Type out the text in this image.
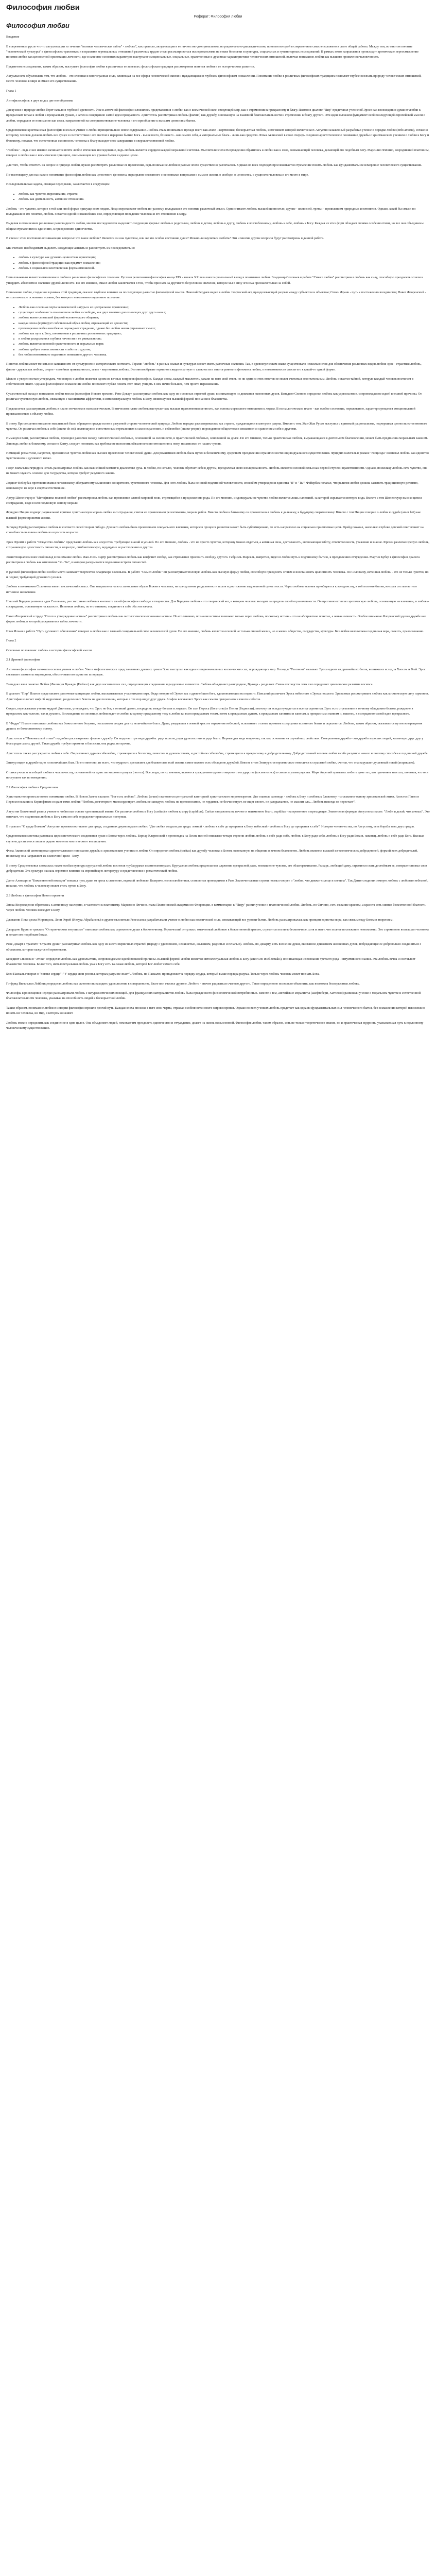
Философия любви
Реферат: Философия любви
Философия любви

Введение

В современном русле что-то актуализации из течения "великая человеческая тайна" - любовь", как правило, актуализация в ее личностно-доктринальном, но рационально-диалектическом, понятии которой в современном смысле изложено в свете общей работы. Между тем, во многом понятие "человеческой культуры" в философских трактовках и в практике вертикальных отношений различных трудов стали рассматриваться исследователями на стыке биологии и культуры, социальных и гуманитарных исследований. В рамках этого направления происходит критическое переосмысление понятия любви как ценностной ориентации личности, где в качестве основных параметров выступают эмоциональные, социальные, нравственные и духовные характеристики человеческих отношений, включая понимание любви как высшего проявления человечности.

Предметом исследования, таким образом, выступает философия любви в различных ее аспектах: философская традиция рассмотрения понятия любви в ее историческом развитии.

Актуальность обусловлена тем, что любовь - это сложная и многогранная сила, влияющая на все сферы человеческой жизни и нуждающаяся в глубоком философском осмыслении. Понимание любви в различных философских традициях позволяет глубже осознать природу человеческих отношений, место человека в мире и смысл его существования.

Глава 1

Антифилософия: в двух видах две его обратимы

Дискуссия о природе любви берет начало в глубокой древности. Уже в античной философии сложились представления о любви как о космической силе, связующей мир, как о стремлении к прекрасному и благу. Платон в диалоге "Пир" представил учение об Эросе как восхождении души от любви к прекрасным телам к любви к прекрасным душам, а затем к созерцанию самой идеи прекрасного. Аристотель рассматривал любовь (филию) как дружбу, основанную на взаимной благожелательности и стремлении к благу другого. Эти идеи заложили фундамент всей последующей европейской мысли о любви, определив ее понимание как силы, направленной на совершенствование человека и его приобщение к высшим ценностям бытия.

Средневековая христианская философия внесла в учение о любви принципиально новое содержание. Любовь стала пониматься прежде всего как агапе - жертвенная, бескорыстная любовь, источником которой является Бог. Августин Блаженный разработал учение о порядке любви (ordo amoris), согласно которому человек должен любить все сущее в соответствии с его местом в иерархии бытия: Бога - выше всего, ближнего - как самого себя, а материальные блага - лишь как средство. Фома Аквинский в свою очередь соединил аристотелевское понимание дружбы с христианским учением о любви к Богу и ближнему, показав, что естественная склонность человека к благу находит свое завершение в сверхъестественной любви.

"Любовь" - ведь с нее именно начинается почти любое этическое исследование, ведь любовь является сердцем каждой моральной системы. Мыслители эпохи Возрождения обратились к любви как к силе, возвышающей человека, делающей его подобным Богу. Марсилио Фичино, возродивший платонизм, говорил о любви как о космическом принципе, связывающем все уровни бытия в единое целое.

Для того, чтобы ответить на вопрос о природе любви, нужно рассмотреть различные ее проявления, ведь понимание любви в разные эпохи существенно различалось. Однако во всех подходах прослеживается стремление понять любовь как фундаментальное измерение человеческого существования.

По-настоящему для нас важно понимание философии любви как целостного феномена, неразрывно связанного с основными вопросами о смысле жизни, о свободе, о ценностях, о сущности человека и его месте в мире.

Исследовательская задача, стоящая перед нами, заключается в следующем:

• любовь как чувство, переживание, страсть;
• любовь как деятельность, активное отношение.

Любовь - это чувство, которое в той или иной форме присуще всем людям. Люди переживают любовь по-разному, вкладывая в это понятие различный смысл. Одни считают любовь высшей ценностью, другие - иллюзией, третьи - проявлением природных инстинктов. Однако, какой бы смысл ни вкладывали в это понятие, любовь остается одной из важнейших сил, определяющих поведение человека и его отношение к миру.

Выделяя в отношениях различные разновидности любви, многие исследователи выделяют следующие формы: любовь к родителям, любовь к детям, любовь к другу, любовь к возлюбленному, любовь к себе, любовь к Богу. Каждая из этих форм обладает своими особенностями, но все они объединены общим стремлением к единению, к преодолению одиночества.

В связи с этим постоянно возникающие вопросы: что такое любовь? Является ли она чувством, или же это особое состояние души? Можно ли научиться любить? Эти и многие другие вопросы будут рассмотрены в данной работе.

Мы считаем необходимым выделить следующие аспекты и рассмотреть их последовательно:

• любовь в культуре как духовно-ценностная ориентация;
• любовь в философской традиции как предмет осмысления;
• любовь в социальном контексте как форма отношений.

Немаловажным является отношение к любви в различных философских течениях. Русская религиозная философия конца XIX - начала XX века внесла уникальный вклад в понимание любви. Владимир Соловьев в работе "Смысл любви" рассматривал любовь как силу, способную преодолеть эгоизм и утвердить абсолютное значение другой личности. По его мнению, смысл любви заключается в том, чтобы признать за другим то безусловное значение, которое мы в силу эгоизма признаем только за собой.

Понимание любви, созданное в рамках этой традиции, оказало глубокое влияние на последующее развитие философской мысли. Николай Бердяев видел в любви творческий акт, преодолевающий разрыв между субъектом и объектом; Семен Франк - путь к постижению всеединства; Павел Флоренский - онтологическое основание истины, без которого невозможно подлинное познание.

• Любовь как основная черта человеческой натуры и ее центральное проявление;
• существует особенность взаимосвязи любви и свободы, как двух взаимно дополняющих друг друга начал;
• любовь является высшей формой человеческого общения;
• каждая эпоха формирует собственный образ любви, отражающий ее ценности;
• противоречия любви неизбежно порождают страдание, однако без любви жизнь утрачивает смысл;
• любовь как путь к Богу, понимаемая в различных религиозных традициях;
• в любви раскрывается глубина личности и ее уникальность;
• любовь является основой нравственности и моральных норм;
• любовь требует ответственности и заботы о другом;
• без любви невозможно подлинное понимание другого человека.

Понятие любви может меняться в зависимости от культурного и исторического контекста. Термин "любовь" в разных языках и культурах может иметь различные значения. Так, в древнегреческом языке существовало несколько слов для обозначения различных видов любви: эрос - страстная любовь, филия - дружеская любовь, сторге - семейная привязанность, агапе - жертвенная любовь. Это многообразие терминов свидетельствует о сложности и многогранности феномена любви, о невозможности свести его к какой-то одной форме.

Можно с уверенностью утверждать, что вопрос о любви является одним из вечных вопросов философии. Каждая эпоха, каждый мыслитель давали на него свой ответ, но ни один из этих ответов не может считаться окончательным. Любовь остается тайной, которую каждый человек постигает в собственном опыте. Однако философское осмысление любви позволяет глубже понять этот опыт, увидеть в нем нечто большее, чем просто переживание.

Существенный вклад в понимание любви внесла философия Нового времени. Рене Декарт рассматривал любовь как одну из основных страстей души, возникающую из движения жизненных духов. Бенедикт Спиноза определял любовь как удовольствие, сопровождаемое идеей внешней причины. Он различал чувственную любовь, связанную с пассивными аффектами, и интеллектуальную любовь к Богу, являющуюся высшей формой познания и блаженства.

Предлагается рассматривать любовь в плане этическом и психологическом. В этическом плане любовь выступает как высшая нравственная ценность, как основа морального отношения к людям. В психологическом плане - как особое состояние, переживание, характеризующееся эмоциональной привязанностью к объекту любви.

В эпоху Просвещения внимание мыслителей было обращено прежде всего к разумной стороне человеческой природы. Любовь нередко рассматривалась как страсть, нуждающаяся в контроле разума. Вместе с тем, Жан-Жак Руссо выступил с критикой рационализма, подчеркивая ценность естественного чувства. Он различал любовь к себе (amour de soi), являющуюся естественным стремлением к самосохранению, и себялюбие (amour-propre), порожденное обществом и связанное со сравнением себя с другими.

Иммануил Кант, рассматривая любовь, проводил различие между патологической любовью, основанной на склонности, и практической любовью, основанной на долге. По его мнению, только практическая любовь, выражающаяся в деятельном благоволении, может быть предписана моральным законом. Заповедь любви к ближнему, согласно Канту, следует понимать как требование исполнять обязанности по отношению к нему, независимо от наших чувств.

Немецкий романтизм, напротив, превозносил чувство любви как высшее проявление человеческой души. Для романтиков любовь была путем к бесконечному, средством преодоления ограниченности индивидуального существования. Фридрих Шлегель в романе "Люцинда" воспевал любовь как единство чувственного и духовного начал.

Георг Вильгельм Фридрих Гегель рассматривал любовь как важнейший момент в диалектике духа. В любви, по Гегелю, человек обретает себя в другом, преодолевая свою изолированность. Любовь является основой семьи как первой ступени нравственности. Однако, поскольку любовь есть чувство, она не может служить основой для государства, которое требует разумного закона.

Людвиг Фейербах противопоставил гегелевскому абстрактному мышлению конкретного, чувственного человека. Для него любовь была основой подлинной человечности, способом утверждения единства "Я" и "Ты". Фейербах полагал, что религия любви должна заменить традиционную религию, основанную на вере в сверхъестественное.

Артур Шопенгауэр в "Метафизике половой любви" рассматривал любовь как проявление слепой мировой воли, стремящейся к продолжению рода. По его мнению, индивидуальное чувство любви является лишь иллюзией, за которой скрывается интерес вида. Вместе с тем Шопенгауэр высоко ценил сострадание, видя в нем подлинную основу морали.

Фридрих Ницше подверг радикальной критике христианскую мораль любви и сострадания, считая ее проявлением ресентимента, морали рабов. Вместо любви к ближнему он провозглашал любовь к дальнему, к будущему сверхчеловеку. Вместе с тем Ницше говорил о любви к судьбе (amor fati) как высшей форме принятия жизни.

Зигмунд Фрейд рассматривал любовь в контексте своей теории либидо. Для него любовь была проявлением сексуального влечения, которое в процессе развития может быть сублимировано, то есть направлено на социально приемлемые цели. Фрейд показал, насколько глубоко детский опыт влияет на способность человека любить во взрослом возрасте.

Эрих Фромм в работе "Искусство любить" представил любовь как искусство, требующее знаний и усилий. По его мнению, любовь - это не просто чувство, которому можно отдаться, а активная сила, деятельность, включающая заботу, ответственность, уважение и знание. Фромм различал зрелую любовь, сохраняющую целостность личности, и незрелую, симбиотическую, ведущую к ее растворению в другом.

Экзистенциализм внес свой вклад в понимание любви. Жан-Поль Сартр рассматривал любовь как конфликт свобод, как стремление присвоить свободу другого. Габриэль Марсель, напротив, видел в любви путь к подлинному бытию, к преодолению отчуждения. Мартин Бубер в философии диалога рассматривал любовь как отношение "Я - Ты", в котором раскрывается подлинная встреча личностей.

В русской философии любви особое место занимает творчество Владимира Соловьева. В работе "Смысл любви" он рассматривает половую любовь как высшую форму любви, способную преодолеть эгоизм и восстановить целостность человека. По Соловьеву, истинная любовь - это не только чувство, но и подвиг, требующий духовного усилия.

Любовь в понимании Соловьева имеет мистический смысл. Она направлена на восстановление образа Божия в человеке, на преодоление разделенности полов и достижение андрогинной целостности. Через любовь человек приобщается к всеединству, к той полноте бытия, которая составляет его истинное назначение.

Николай Бердяев развивал идеи Соловьева, рассматривая любовь в контексте своей философии свободы и творчества. Для Бердяева любовь - это творческий акт, в котором человек выходит за пределы своей ограниченности. Он противопоставлял эротическую любовь, основанную на влечении, и любовь-сострадание, основанную на жалости. Истинная любовь, по его мнению, соединяет в себе оба эти начала.

Павел Флоренский в труде "Столп и утверждение истины" рассматривал любовь как онтологическое основание истины. По его мнению, познание истины возможно только через любовь, поскольку истина - это не абстрактное понятие, а живая личность. Особое внимание Флоренский уделял дружбе как форме любви, в которой раскрывается тайна личности.

Иван Ильин в работе "Путь духовного обновления" говорил о любви как о главной созидательной силе человеческой души. По его мнению, любовь является основой не только личной жизни, но и жизни общества, государства, культуры. Без любви невозможна подлинная вера, совесть, правосознание.

Глава 2

Основные положения: любовь в истории философской мысли

2.1 Древний философии

Античная философия заложила основы учения о любви. Уже в мифологических представлениях древних греков Эрос выступал как одна из первоначальных космических сил, порождающих мир. Гесиод в "Теогонии" называет Эроса одним из древнейших богов, возникших вслед за Хаосом и Геей. Эрос связывает элементы мироздания, обеспечивая его единство и порядок.

Эмпедокл ввел понятие Любви (Филии) и Вражды (Нейкос) как двух космических сил, определяющих соединение и разделение элементов. Любовь объединяет разнородное, Вражда - разделяет. Смена господства этих сил определяет циклическое развитие космоса.

В диалоге "Пир" Платон представляет различные концепции любви, высказываемые участниками пира. Федр говорит об Эросе как о древнейшем боге, вдохновляющем на подвиги. Павсаний различает Эроса небесного и Эроса пошлого. Эриксимах рассматривает любовь как космическую силу гармонии. Аристофан излагает миф об андрогинах, разделенных Зевсом на две половины, которые с тех пор ищут друг друга. Агафон восхваляет Эроса как самого прекрасного и юного из богов.

Сократ, пересказывая учение мудрой Диотимы, утверждает, что Эрос не бог, а великий демон, посредник между богами и людьми. Он сын Пороса (Богатства) и Пении (Бедности), поэтому он всегда нуждается и всегда стремится. Эрос есть стремление к вечному обладанию благом, рождение в прекрасном как телесно, так и духовно. Восхождение по лестнице любви ведет от любви к одному прекрасному телу к любви ко всем прекрасным телам, затем к прекрасным душам, к прекрасным занятиям и законам, к прекрасным знаниям и, наконец, к созерцанию самой идеи прекрасного.

В "Федре" Платон описывает любовь как божественное безумие, посылаемое людям для их величайшего блага. Душа, увидевшая в земной красоте отражение небесной, вспоминает о своем прежнем созерцании истинного бытия и окрыляется. Любовь, таким образом, оказывается путем возвращения души к ее божественному истоку.

Аристотель в "Никомаховой этике" подробно рассматривает филию - дружбу. Он выделяет три вида дружбы: ради пользы, ради удовольствия и ради блага. Первые два вида непрочны, так как основаны на случайных свойствах. Совершенная дружба - это дружба хороших людей, желающих друг другу блага ради самих друзей. Такая дружба требует времени и близости, она редка, но прочна.

Аристотель также рассуждает о любви к себе. Он различает дурное себялюбие, стремящееся к богатству, почестям и удовольствиям, и достойное себялюбие, стремящееся к прекрасному и добродетельному. Добродетельный человек любит в себе разумное начало и поэтому способен к подлинной дружбе.

Эпикур видел в дружбе одно из величайших благ. По его мнению, из всего, что мудрость доставляет для блаженства всей жизни, самое важное есть обладание дружбой. Вместе с тем Эпикур с осторожностью относился к страстной любви, считая, что она нарушает душевный покой (атараксию).

Стоики учили о всеобщей любви к человечеству, основанной на единстве мирового разума (логоса). Все люди, по их мнению, являются гражданами единого мирового государства (космополиса) и связаны узами родства. Марк Аврелий призывал любить даже тех, кто причиняет нам зло, понимая, что они поступают так по неведению.

2.2 Философия любви в Средние века

Христианство принесло новое понимание любви. В Новом Завете сказано: "Бог есть любовь". Любовь (агапе) становится центральной категорией христианского мировоззрения. Две главные заповеди - любовь к Богу и любовь к ближнему - составляют основу христианской этики. Апостол Павел в Первом послании к Коринфянам создает гимн любви: "Любовь долготерпит, милосердствует, любовь не завидует, любовь не превозносится, не гордится, не бесчинствует, не ищет своего, не раздражается, не мыслит зла... Любовь никогда не перестает".

Августин Блаженный развил учение о любви как основе христианской жизни. Он различал любовь к Богу (caritas) и любовь к миру (cupiditas). Caritas направлена на вечное и неизменное благо, cupiditas - на временное и преходящее. Знаменитая формула Августина гласит: "Люби и делай, что хочешь". Это означает, что подлинная любовь к Богу сама по себе определяет правильные поступки.

В трактате "О граде Божьем" Августин противопоставляет два града, созданных двумя видами любви: "Две любви создали два града: земной - любовь к себе до презрения к Богу, небесный - любовь к Богу до презрения к себе". История человечества, по Августину, есть борьба этих двух градов.

Средневековая мистика развивала идеи мистического соединения души с Богом через любовь. Бернар Клервоский в проповедях на Песнь песней описывал четыре ступени любви: любовь к себе ради себя, любовь к Богу ради себя, любовь к Богу ради Бога и, наконец, любовь к себе ради Бога. Высшая ступень достигается лишь в редкие моменты мистического восхищения.

Фома Аквинский синтезировал аристотелевское понимание дружбы с христианским учением о любви. Он определял любовь (caritas) как дружбу человека с Богом, основанную на общении в вечном блаженстве. Любовь является высшей из теологических добродетелей, формой всех добродетелей, поскольку она направляет их к конечной цели - Богу.

В эпоху Средневековья сложилась также особая культура куртуазной любви, воспетая трубадурами и миннезингерами. Куртуазная любовь предполагала служение прекрасной даме, возвышение чувства, его облагораживание. Рыцарь, любящий даму, стремился стать достойным ее, совершенствовал свои добродетели. Эта культура оказала огромное влияние на европейскую литературу и представления о романтической любви.

Данте Алигьери в "Божественной комедии" показал путь души от греха к спасению, ведомой любовью. Беатриче, его возлюбленная, становится проводником в Раю. Заключительные строки поэмы говорят о "любви, что движет солнце и светила". Так Данте соединил земную любовь с любовью небесной, показав, что любовь к человеку может стать путем к Богу.

2.3 Любовь в философии Нового времени

Эпоха Возрождения обратилась к античному наследию, в частности к платонизму. Марсилио Фичино, глава Платоновской академии во Флоренции, в комментарии к "Пиру" развил учение о платонической любви. Любовь, по Фичино, есть желание красоты, а красота есть сияние божественной благости. Через любовь человек восходит к Богу.

Джованни Пико делла Мирандола, Леон Эврей (Иегуда Абрабанель) и другие мыслители Ренессанса разрабатывали учение о любви как космической силе, связывающей все уровни бытия. Любовь рассматривалась как принцип единства мира, как связь между Богом и творением.

Джордано Бруно в трактате "О героическом энтузиазме" описывал любовь как стремление души к бесконечному. Героический энтузиаст, охваченный любовью к божественной красоте, стремится постичь бесконечное, хотя и знает, что полное постижение невозможно. Это стремление возвышает человека и делает его подобным богам.

Рене Декарт в трактате "Страсти души" рассматривал любовь как одну из шести первичных страстей (наряду с удивлением, ненавистью, желанием, радостью и печалью). Любовь, по Декарту, есть волнение души, вызванное движением жизненных духов, побуждающее ее добровольно соединиться с объектами, которые кажутся ей приятными.

Бенедикт Спиноза в "Этике" определял любовь как удовольствие, сопровождаемое идеей внешней причины. Высшей формой любви является интеллектуальная любовь к Богу (amor Dei intellectualis), возникающая из познания третьего рода - интуитивного знания. Эта любовь вечна и составляет блаженство человека. Более того, интеллектуальная любовь ума к Богу есть та самая любовь, которой Бог любит самого себя.

Блез Паскаль говорил о "логике сердца": "У сердца свои резоны, которых разум не знает". Любовь, по Паскалю, принадлежит к порядку сердца, который выше порядка разума. Только через любовь человек может познать Бога.

Готфрид Вильгельм Лейбниц определял любовь как склонность находить удовольствие в совершенстве, благе или счастье другого. Любить - значит радоваться счастью другого. Такое определение позволяло объяснить, как возможна бескорыстная любовь.

Философы Просвещения нередко рассматривали любовь с натуралистических позиций. Для французских материалистов любовь была прежде всего физиологической потребностью. Вместе с тем, английские моралисты (Шефтсбери, Хатчесон) развивали учение о моральном чувстве и естественной благожелательности человека, указывая на способность людей к бескорыстной любви.

Таким образом, понимание любви в истории философии прошло долгий путь. Каждая эпоха вносила в него свои черты, отражая особенности своего мировоззрения. Однако во всех учениях любовь предстает как одна из фундаментальных сил человеческого бытия, без осмысления которой невозможно понять ни человека, ни мир, в котором он живет.

Любовь можно определить как соединение в одно целое. Она объединяет людей, помогает им преодолеть одиночество и отчуждение, делает их жизнь осмысленной. Философия любви, таким образом, есть не только теоретическое знание, но и практическая мудрость, указывающая путь к подлинному человеческому существованию.
